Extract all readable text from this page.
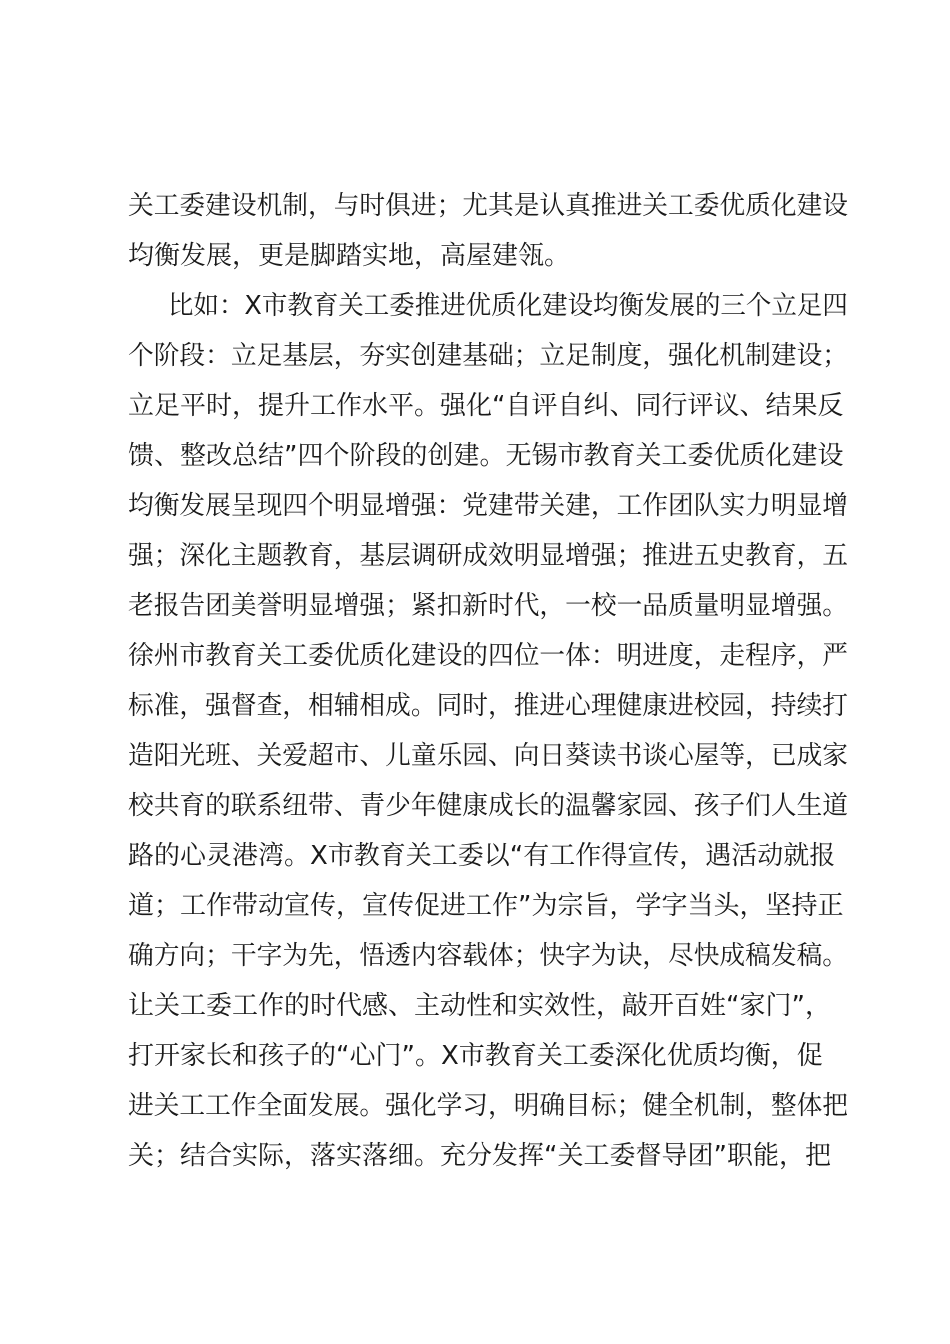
关工委建设机制，与时俱进；尤其是认真推进关工委优质化建设
均衡发展，更是脚踏实地，高屋建瓴。
比如：X市教育关工委推进优质化建设均衡发展的三个立足四
个阶段：立足基层，夯实创建基础；立足制度，强化机制建设；
立足平时，提升工作水平。强化“自评自纠、同行评议、结果反
馈、整改总结”四个阶段的创建。无锡市教育关工委优质化建设
均衡发展呈现四个明显增强：党建带关建，工作团队实力明显增
强；深化主题教育，基层调研成效明显增强；推进五史教育，五
老报告团美誉明显增强；紧扣新时代，一校一品质量明显增强。
徐州市教育关工委优质化建设的四位一体：明进度，走程序，严
标准，强督查，相辅相成。同时，推进心理健康进校园，持续打
造阳光班、关爱超市、儿童乐园、向日葵读书谈心屋等，已成家
校共育的联系纽带、青少年健康成长的温馨家园、孩子们人生道
路的心灵港湾。X市教育关工委以“有工作得宣传，遇活动就报
道；工作带动宣传，宣传促进工作”为宗旨，学字当头，坚持正
确方向；干字为先，悟透内容载体；快字为诀，尽快成稿发稿。
让关工委工作的时代感、主动性和实效性，敲开百姓“家门”，
打开家长和孩子的“心门”。X市教育关工委深化优质均衡，促
进关工工作全面发展。强化学习，明确目标；健全机制，整体把
关；结合实际，落实落细。充分发挥“关工委督导团”职能，把
